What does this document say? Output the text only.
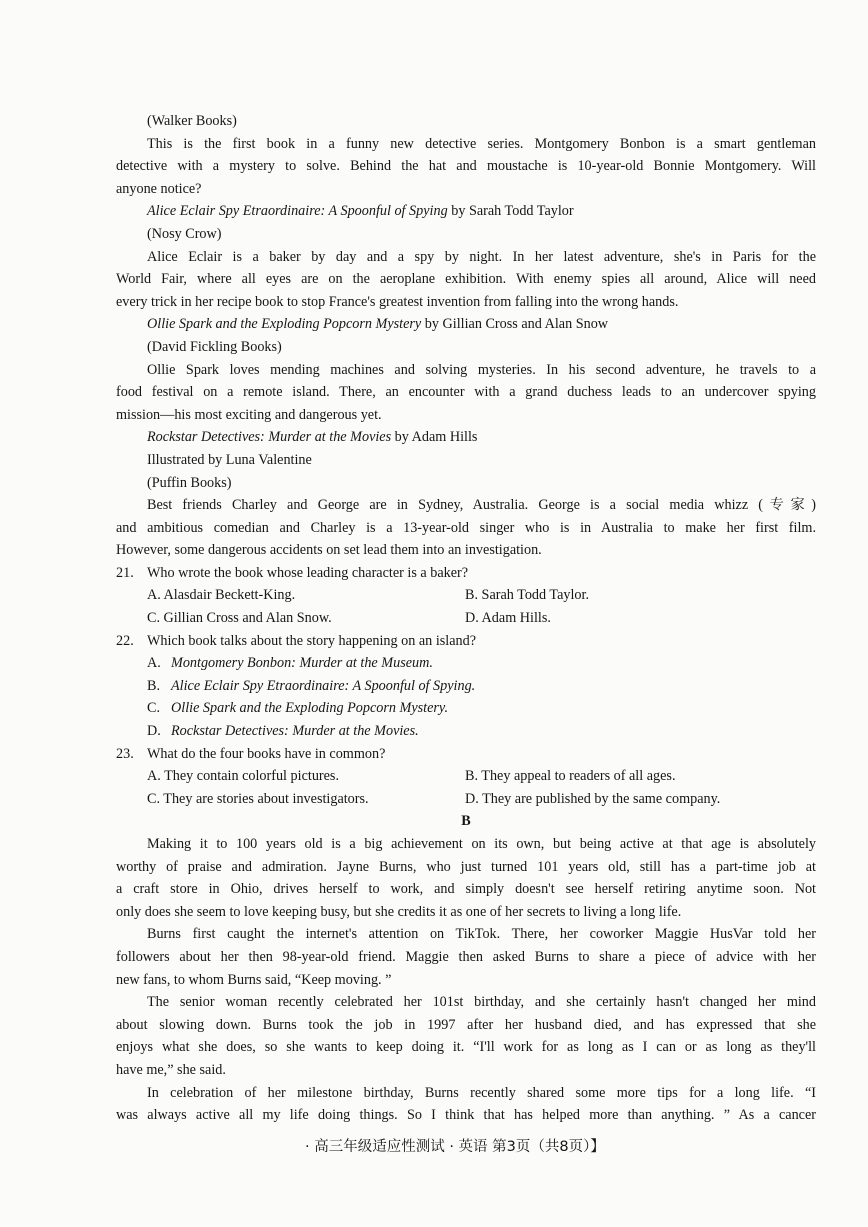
(Walker Books)
This is the first book in a funny new detective series. Montgomery Bonbon is a smart gentleman
detective with a mystery to solve. Behind the hat and moustache is 10-year-old Bonnie Montgomery. Will
anyone notice?
Alice Eclair Spy Etraordinaire: A Spoonful of Spying by Sarah Todd Taylor
(Nosy Crow)
Alice Eclair is a baker by day and a spy by night. In her latest adventure, she's in Paris for the
World Fair, where all eyes are on the aeroplane exhibition. With enemy spies all around, Alice will need
every trick in her recipe book to stop France's greatest invention from falling into the wrong hands.
Ollie Spark and the Exploding Popcorn Mystery by Gillian Cross and Alan Snow
(David Fickling Books)
Ollie Spark loves mending machines and solving mysteries. In his second adventure, he travels to a
food festival on a remote island. There, an encounter with a grand duchess leads to an undercover spying
mission—his most exciting and dangerous yet.
Rockstar Detectives: Murder at the Movies by Adam Hills
Illustrated by Luna Valentine
(Puffin Books)
Best friends Charley and George are in Sydney, Australia. George is a social media whizz (专家)
and ambitious comedian and Charley is a 13-year-old singer who is in Australia to make her first film.
However, some dangerous accidents on set lead them into an investigation.
21. Who wrote the book whose leading character is a baker?
A. Alasdair Beckett-King.	B. Sarah Todd Taylor.
C. Gillian Cross and Alan Snow.	D. Adam Hills.
22. Which book talks about the story happening on an island?
A. Montgomery Bonbon: Murder at the Museum.
B. Alice Eclair Spy Etraordinaire: A Spoonful of Spying.
C. Ollie Spark and the Exploding Popcorn Mystery.
D. Rockstar Detectives: Murder at the Movies.
23. What do the four books have in common?
A. They contain colorful pictures.	B. They appeal to readers of all ages.
C. They are stories about investigators.	D. They are published by the same company.
B
Making it to 100 years old is a big achievement on its own, but being active at that age is absolutely
worthy of praise and admiration. Jayne Burns, who just turned 101 years old, still has a part-time job at
a craft store in Ohio, drives herself to work, and simply doesn't see herself retiring anytime soon. Not
only does she seem to love keeping busy, but she credits it as one of her secrets to living a long life.
Burns first caught the internet's attention on TikTok. There, her coworker Maggie HusVar told her
followers about her then 98-year-old friend. Maggie then asked Burns to share a piece of advice with her
new fans, to whom Burns said, “Keep moving. ”
The senior woman recently celebrated her 101st birthday, and she certainly hasn't changed her mind
about slowing down. Burns took the job in 1997 after her husband died, and has expressed that she
enjoys what she does, so she wants to keep doing it. “I'll work for as long as I can or as long as they'll
have me,” she said.
In celebration of her milestone birthday, Burns recently shared some more tips for a long life. “I
was always active all my life doing things. So I think that has helped more than anything. ” As a cancer
· 高三年级适应性测试 · 英语 第3页（共8页）】
